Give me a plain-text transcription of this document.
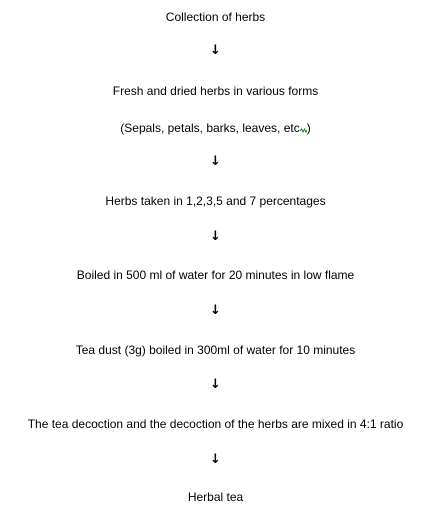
Collection of herbs
↓
Fresh and dried herbs in various forms
(Sepals, petals, barks, leaves, etc )
↓
Herbs taken in 1,2,3,5 and 7 percentages
↓
Boiled in 500 ml of water for 20 minutes in low flame
↓
Tea dust (3g) boiled in 300ml of water for 10 minutes
↓
The tea decoction and the decoction of the herbs are mixed in 4:1 ratio
↓
Herbal tea
